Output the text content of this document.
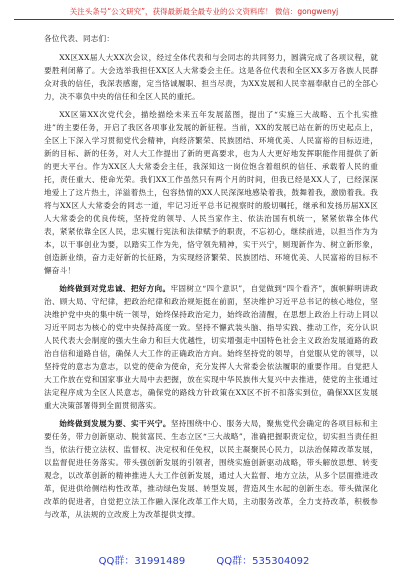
关注头条号“公文研究”，获得最新最全最专业的公文资料库！ 微信：gongwenyj

各位代表、同志们：

XX区XX届人大XX次会议，经过全体代表和与会同志的共同努力，圆满完成了各项议程，就要胜利闭幕了。大会选举我担任XX区人大常委会主任。这是各位代表和全区XX多万各族人民群众对我的信任，我深表感谢，定当恪诚履职、担当尽责，为XX发展和人民幸福奉献自己的全部心力，决不辜负中央的信任和全区人民的重托。

XX区第XX次党代会，描绘描绘未来五年发展蓝图，提出了“实施三大战略、五个扎实推进”的主要任务，开启了我区各项事业发展的新征程。当前，XX的发展已站在新的历史起点上，全区上下深入学习贯彻党代会精神，向经济繁荣、民族团结、环境优美、人民富裕的目标迈进，新的目标、新的任务，对人大工作提出了新的更高要求，也为人大更好地发挥职能作用提供了新的更大平台。作为XX区人大常委会主任，我深知这一岗位饱含着组织的信任、承载着人民的重托，责任重大、使命光荣。我们XX工作虽然只有两个月的时间，但我已经是XX人了，已经深深地爱上了这片热土，洋溢着热土，包容热情的XX人民深深地感染着我，鼓舞着我，激励着我。我将与XX区人大常委会的同志一道，牢记习近平总书记视察时的殷切嘱托，继承和发扬历届XX区人大常委会的优良传统，坚持党的领导、人民当家作主、依法治国有机统一，紧紧依靠全体代表，紧紧依靠全区人民，忠实履行宪法和法律赋予的职责，不忘初心，继续前进，以担当作为为本，以干事创业为要，以踏实工作为先，恪守领先精神，实干兴宁，厕现新作为、树立新形象，创造新业绩，奋力走好新的长征路，为实现经济繁荣、民族团结、环境优美、人民富裕的目标不懈奋斗！

始终做到对党忠诚、把好方向。牢固树立“四个意识”，自觉做到“四个看齐”，旗帜鲜明讲政治、顾大局、守纪律，把政治纪律和政治规矩挺在前面，坚决维护习近平总书记的核心地位，坚决维护党中央的集中统一领导，始终保持政治定力，始终政治清醒，在思想上政治上行动上同以习近平同志为核心的党中央保持高度一致。坚持不懈武装头脑、指导实践、推动工作，充分认识人民代表大会制度的强大生命力和巨大优越性，切实增强走中国特色社会主义政治发展道路的政治自信和道路自信，确保人大工作的正确政治方向。始终坚持党的领导，自觉服从党的领导，以坚持党的意志为意志，以党的使命为使命，充分发挥人大常委会依法履职的重要作用。自觉把人大工作放在党和国家事业大局中去把握，放在实现中华民族伟大复兴中去推进，使党的主张通过法定程序成为全区人民意志，确保党的路线方针政策在XX区不折不扣落实到位，确保XX区发展重大决策部署得到全面贯彻落实。

始终做到发展为要、实干兴宁。坚持围绕中心、服务大局，聚焦党代会确定的各项目标和主要任务，带力创新驱动、脱贫富民、生态立区“三大战略”，准确把握职责定位，切实担当责任担当，依法行使立法权、监督权、决定权和任免权，以民主凝聚民心民力，以法治保障改革发展，以监督促进任务落实。带头强创新发展的引领者，围绕实施创新驱动战略，带头解放思想、转变观念，以改革创新的精神推进人大工作创新发展，通过人大监督、地方立法，从多个层面推进改革，促进供给侧结构性改革，推动绿色发展、转型发展，营造风生水起的创新生态。带头做深化改革的促进者，自觉把立法工作融入深化改革工作大局，主动服务改革，全力支持改革，积极参与改革，从法规的立改废上为改革提供支撑。

QQ群：31991489	QQ群：535304092
